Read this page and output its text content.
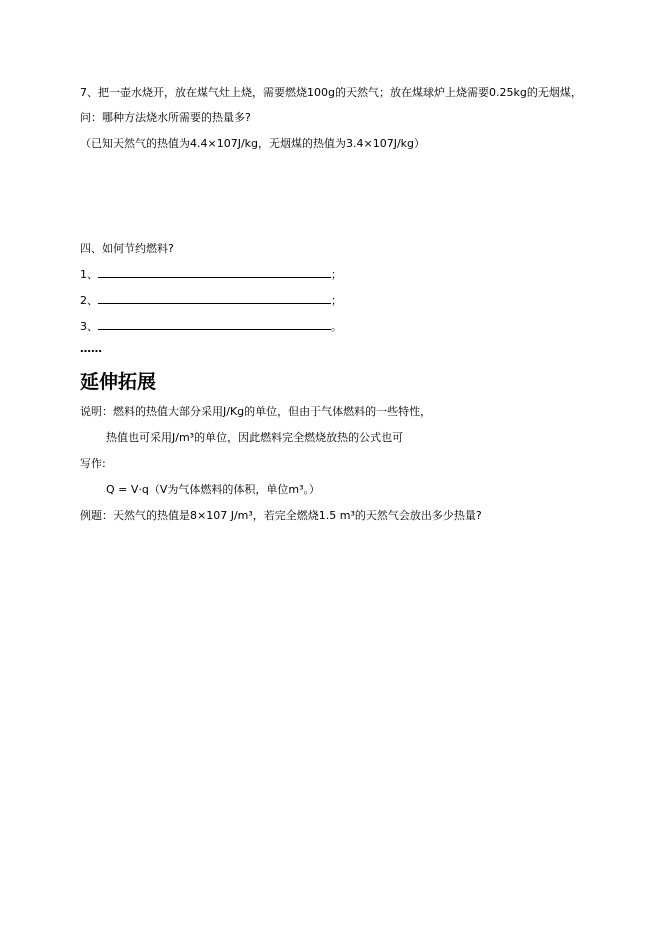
7、把一壶水烧开，放在煤气灶上烧，需要燃烧100g的天然气；放在煤球炉上烧需要0.25kg的无烟煤，
问：哪种方法烧水所需要的热量多?
（已知天然气的热值为4.4×107J/kg，无烟煤的热值为3.4×107J/kg）
四、如何节约燃料?
1、	；
2、	；
3、	。
……
延伸拓展
说明：燃料的热值大部分采用J/Kg的单位，但由于气体燃料的一些特性，
热值也可采用J/m³的单位，因此燃料完全燃烧放热的公式也可
写作:
Q = V·q（V为气体燃料的体积，单位m³。）
例题：天然气的热值是8×107 J/m³，若完全燃烧1.5 m³的天然气会放出多少热量?
